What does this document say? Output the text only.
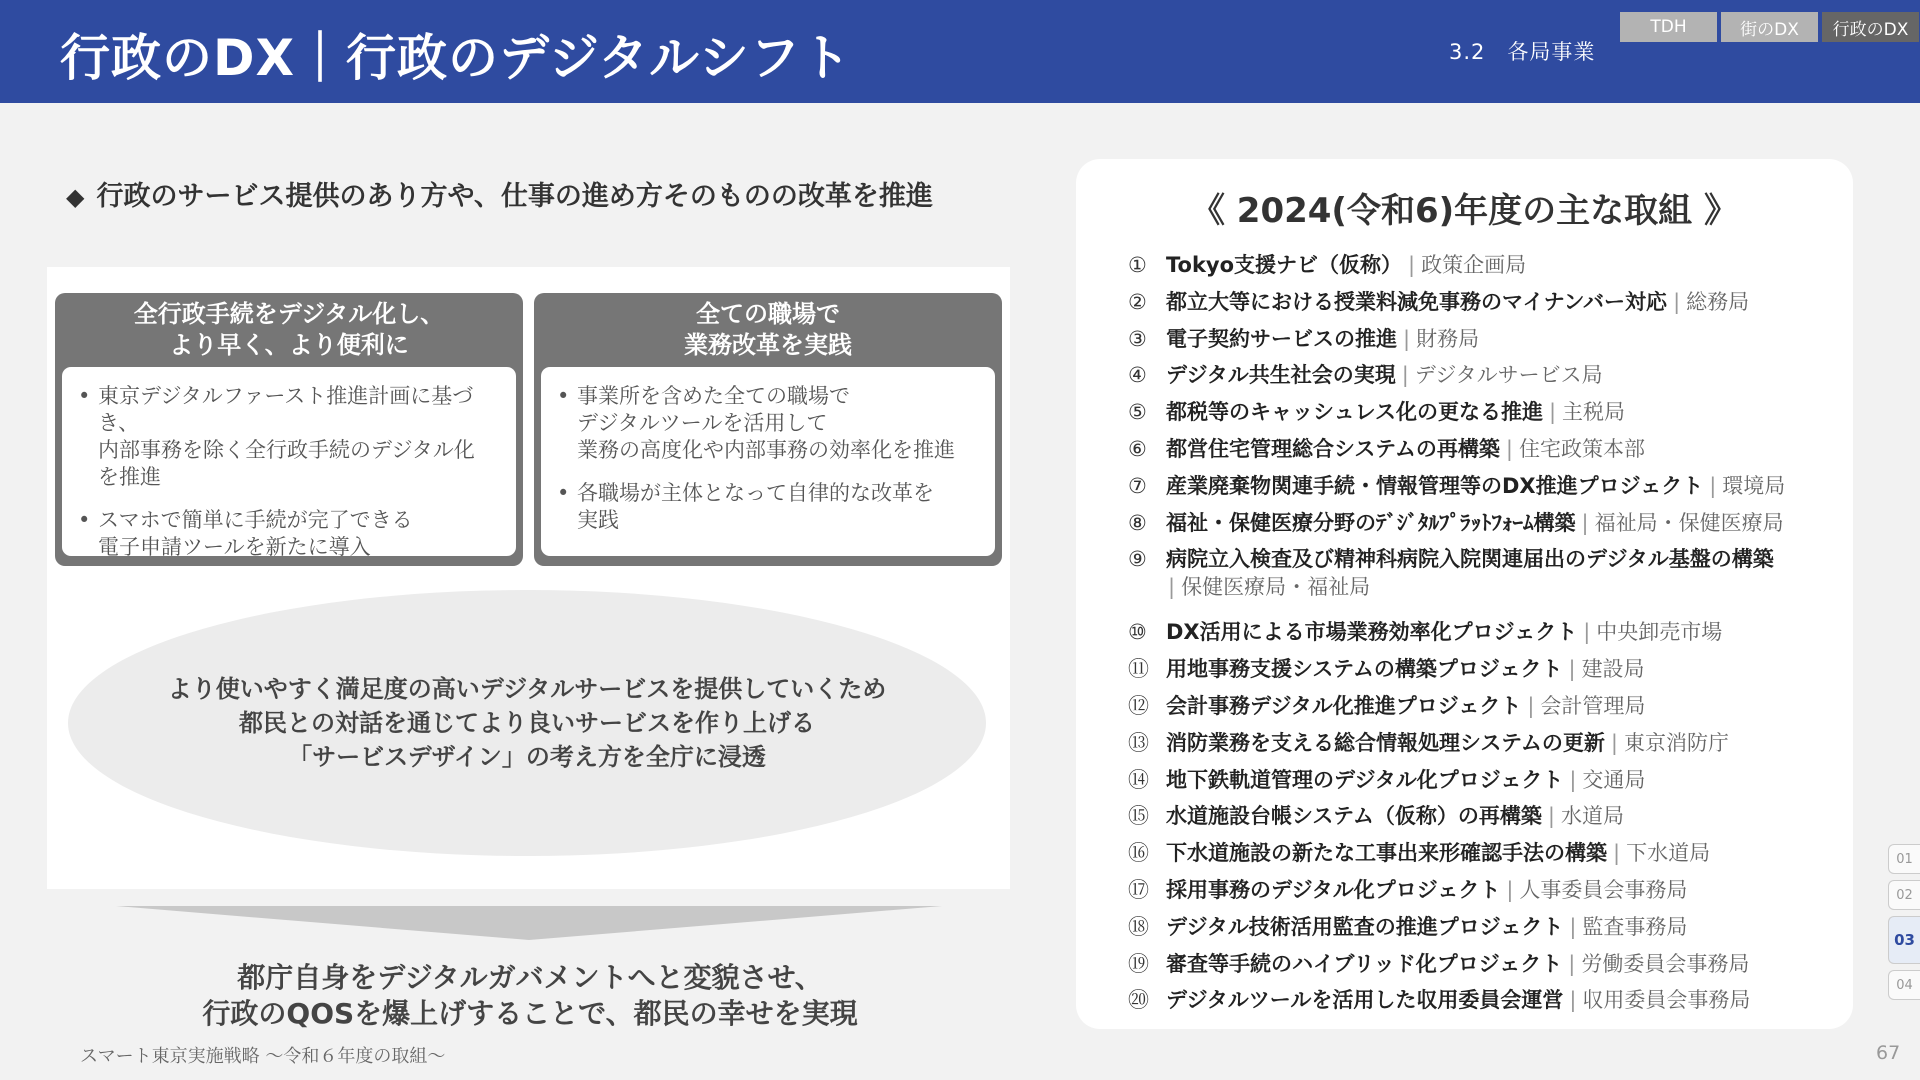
行政のDX｜行政のデジタルシフト	3.2　各局事業
TDH	街のDX	行政のDX
◆ 行政のサービス提供のあり方や、仕事の進め方そのものの改革を推進
全行政手続をデジタル化し、
より早く、より便利に
• 東京デジタルファースト推進計画に基づき、
内部事務を除く全行政手続のデジタル化
を推進
• スマホで簡単に手続が完了できる
電子申請ツールを新たに導入
全ての職場で
業務改革を実践
• 事業所を含めた全ての職場で
デジタルツールを活用して
業務の高度化や内部事務の効率化を推進
• 各職場が主体となって自律的な改革を
実践
より使いやすく満足度の高いデジタルサービスを提供していくため
都民との対話を通じてより良いサービスを作り上げる
「サービスデザイン」の考え方を全庁に浸透
都庁自身をデジタルガバメントへと変貌させ、
行政のQOSを爆上げすることで、都民の幸せを実現
スマート東京実施戦略 〜令和６年度の取組〜	67
《 2024(令和6)年度の主な取組 》
① Tokyo支援ナビ（仮称） | 政策企画局
② 都立大等における授業料減免事務のマイナンバー対応 | 総務局
③ 電子契約サービスの推進 | 財務局
④ デジタル共生社会の実現 | デジタルサービス局
⑤ 都税等のキャッシュレス化の更なる推進 | 主税局
⑥ 都営住宅管理総合システムの再構築 | 住宅政策本部
⑦ 産業廃棄物関連手続・情報管理等のDX推進プロジェクト | 環境局
⑧ 福祉・保健医療分野のﾃﾞｼﾞﾀﾙﾌﾟﾗｯﾄﾌｫｰﾑ構築 | 福祉局・保健医療局
⑨ 病院立入検査及び精神科病院入院関連届出のデジタル基盤の構築
| 保健医療局・福祉局
⑩ DX活用による市場業務効率化プロジェクト | 中央卸売市場
⑪ 用地事務支援システムの構築プロジェクト | 建設局
⑫ 会計事務デジタル化推進プロジェクト | 会計管理局
⑬ 消防業務を支える総合情報処理システムの更新 | 東京消防庁
⑭ 地下鉄軌道管理のデジタル化プロジェクト | 交通局
⑮ 水道施設台帳システム（仮称）の再構築 | 水道局
⑯ 下水道施設の新たな工事出来形確認手法の構築 | 下水道局
⑰ 採用事務のデジタル化プロジェクト | 人事委員会事務局
⑱ デジタル技術活用監査の推進プロジェクト | 監査事務局
⑲ 審査等手続のハイブリッド化プロジェクト | 労働委員会事務局
⑳ デジタルツールを活用した収用委員会運営 | 収用委員会事務局
01
02
03
04
